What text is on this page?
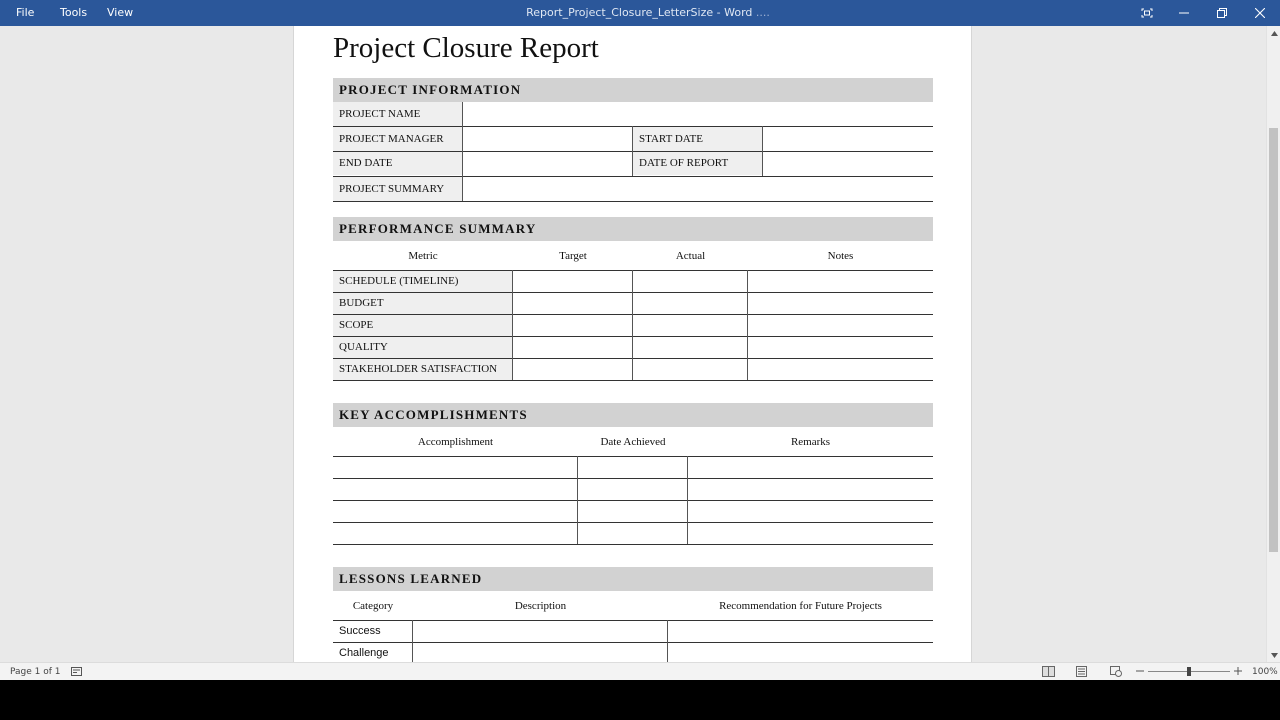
File Tools View	Report_Project_Closure_LetterSize - Word ....
Project Closure Report
PROJECT INFORMATION
PROJECT NAME
PROJECT MANAGER	START DATE
END DATE	DATE OF REPORT
PROJECT SUMMARY
PERFORMANCE SUMMARY
Metric	Target	Actual	Notes
SCHEDULE (TIMELINE)
BUDGET
SCOPE
QUALITY
STAKEHOLDER SATISFACTION
KEY ACCOMPLISHMENTS
Accomplishment	Date Achieved	Remarks
LESSONS LEARNED
Category	Description	Recommendation for Future Projects
Success
Challenge
Page 1 of 1	100%
